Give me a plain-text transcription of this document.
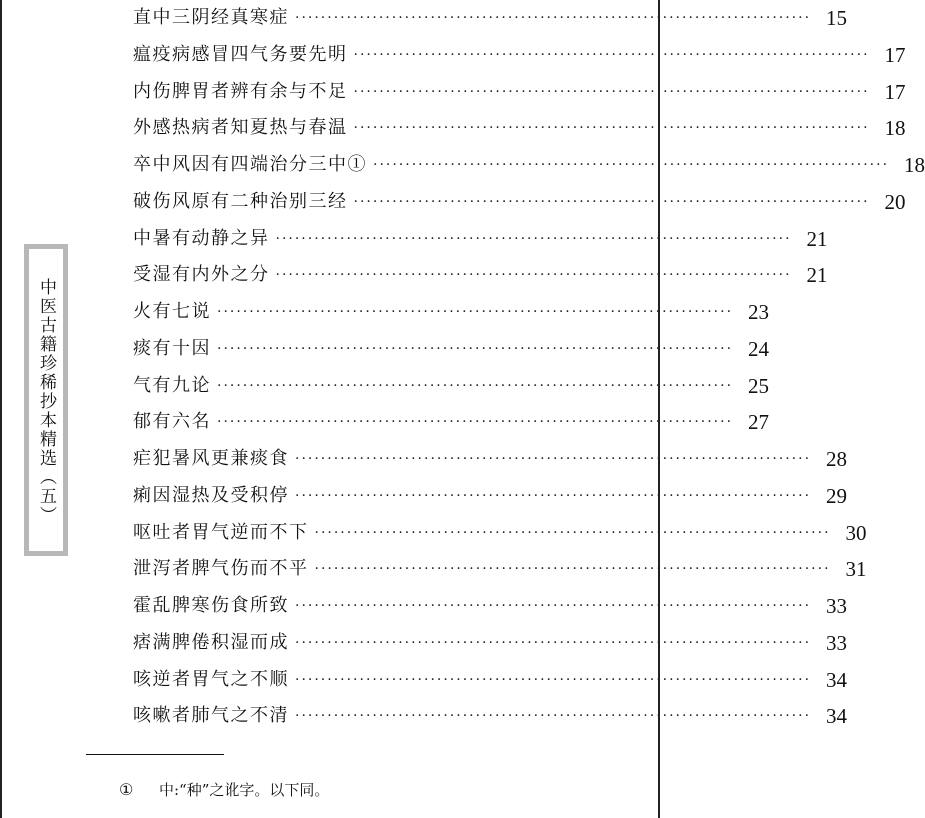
中医古籍珍稀抄本精选（五）
直中三阴经真寒症 ················································································ 15
瘟疫病感冒四气务要先明 ················································································ 17
内伤脾胃者辨有余与不足 ················································································ 17
外感热病者知夏热与春温 ················································································ 18
卒中风因有四端治分三中① ················································································ 18
破伤风原有二种治别三经 ················································································ 20
中暑有动静之异 ················································································ 21
受湿有内外之分 ················································································ 21
火有七说 ················································································ 23
痰有十因 ················································································ 24
气有九论 ················································································ 25
郁有六名 ················································································ 27
疟犯暑风更兼痰食 ················································································ 28
痢因湿热及受积停 ················································································ 29
呕吐者胃气逆而不下 ················································································ 30
泄泻者脾气伤而不平 ················································································ 31
霍乱脾寒伤食所致 ················································································ 33
痞满脾倦积湿而成 ················································································ 33
咳逆者胃气之不顺 ················································································ 34
咳嗽者肺气之不清 ················································································ 34
① 中:“种”之讹字。以下同。
